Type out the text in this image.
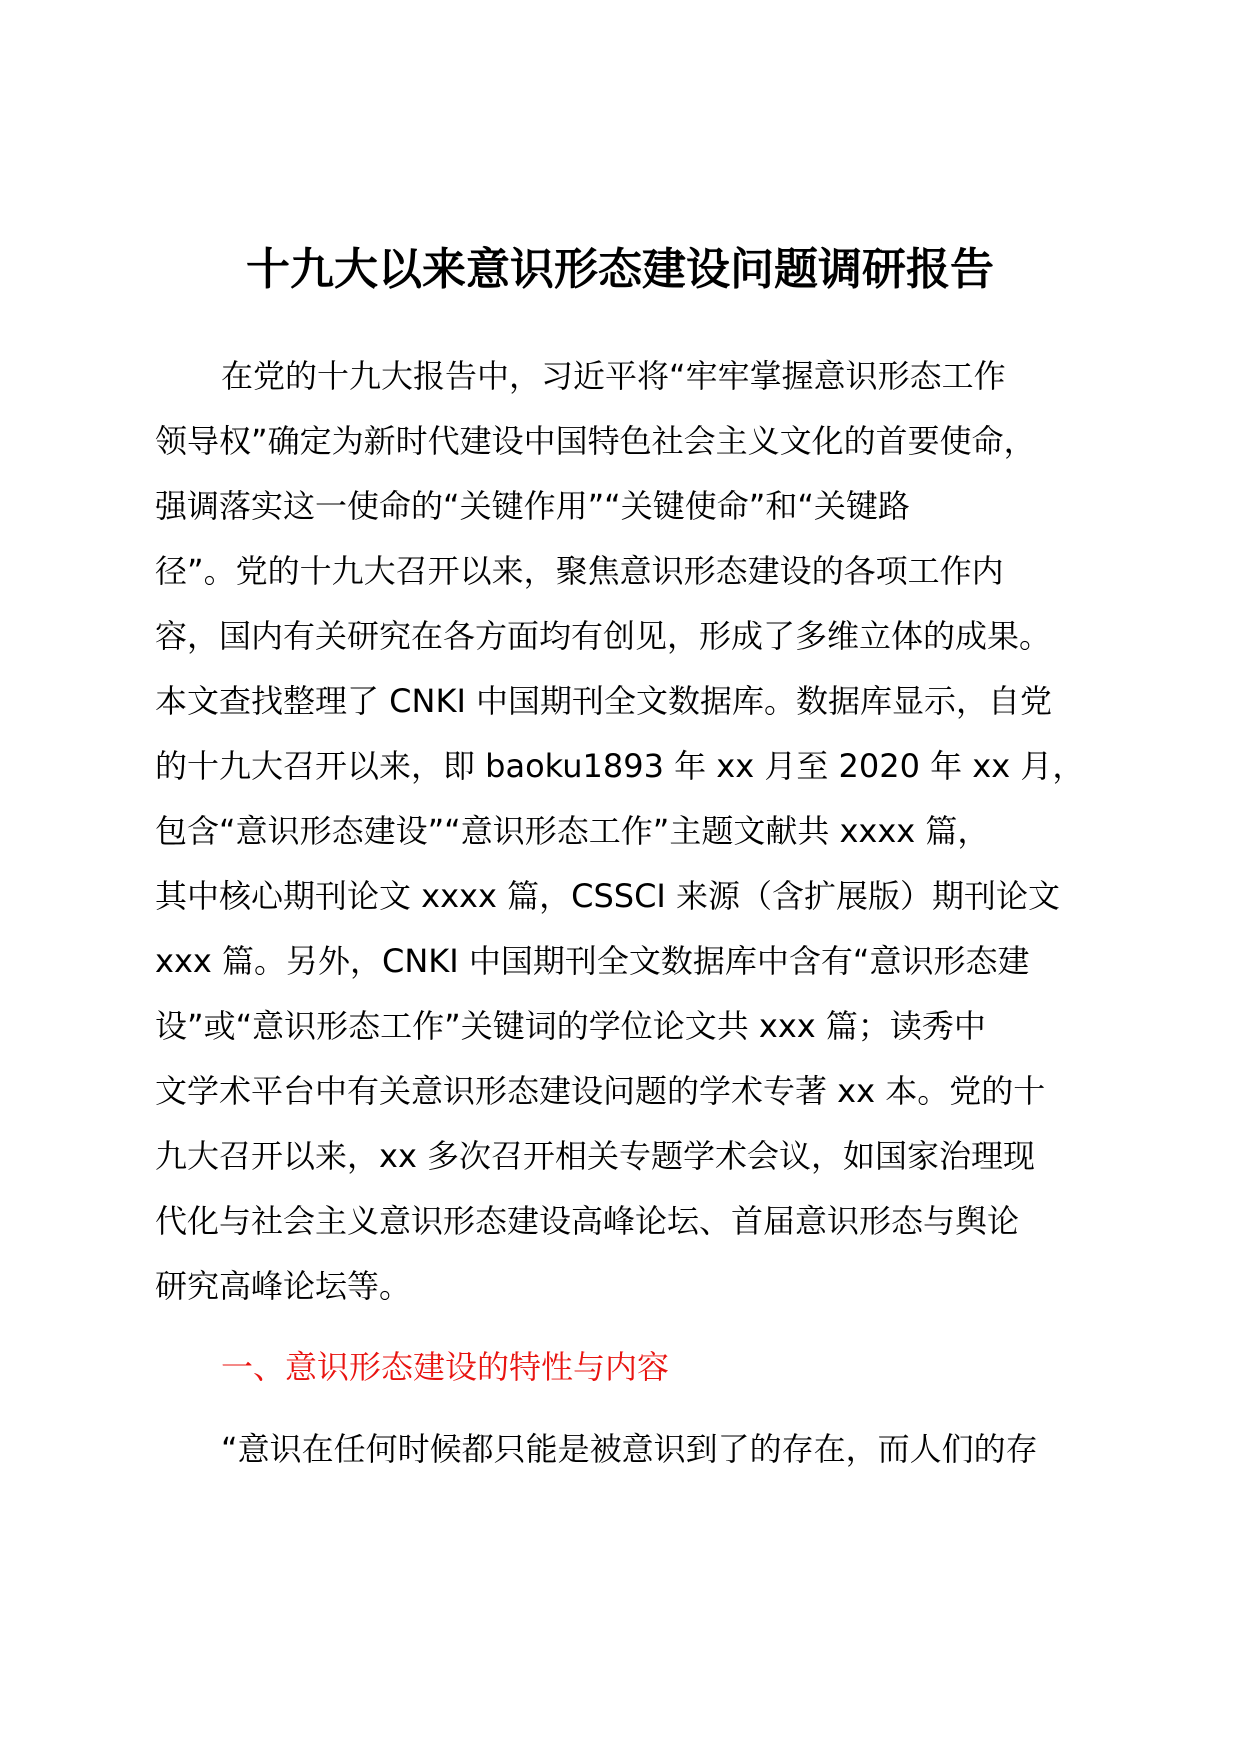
十九大以来意识形态建设问题调研报告
在党的十九大报告中，习近平将“牢牢掌握意识形态工作
领导权”确定为新时代建设中国特色社会主义文化的首要使命，
强调落实这一使命的“关键作用”“关键使命”和“关键路
径”。党的十九大召开以来，聚焦意识形态建设的各项工作内
容，国内有关研究在各方面均有创见，形成了多维立体的成果。
本文查找整理了 CNKI 中国期刊全文数据库。数据库显示，自党
的十九大召开以来，即 baoku1893 年 xx 月至 2020 年 xx 月，
包含“意识形态建设”“意识形态工作”主题文献共 xxxx 篇，
其中核心期刊论文 xxxx 篇，CSSCI 来源（含扩展版）期刊论文
xxx 篇。另外，CNKI 中国期刊全文数据库中含有“意识形态建
设”或“意识形态工作”关键词的学位论文共 xxx 篇；读秀中
文学术平台中有关意识形态建设问题的学术专著 xx 本。党的十
九大召开以来，xx 多次召开相关专题学术会议，如国家治理现
代化与社会主义意识形态建设高峰论坛、首届意识形态与舆论
研究高峰论坛等。
一、意识形态建设的特性与内容
“意识在任何时候都只能是被意识到了的存在，而人们的存
